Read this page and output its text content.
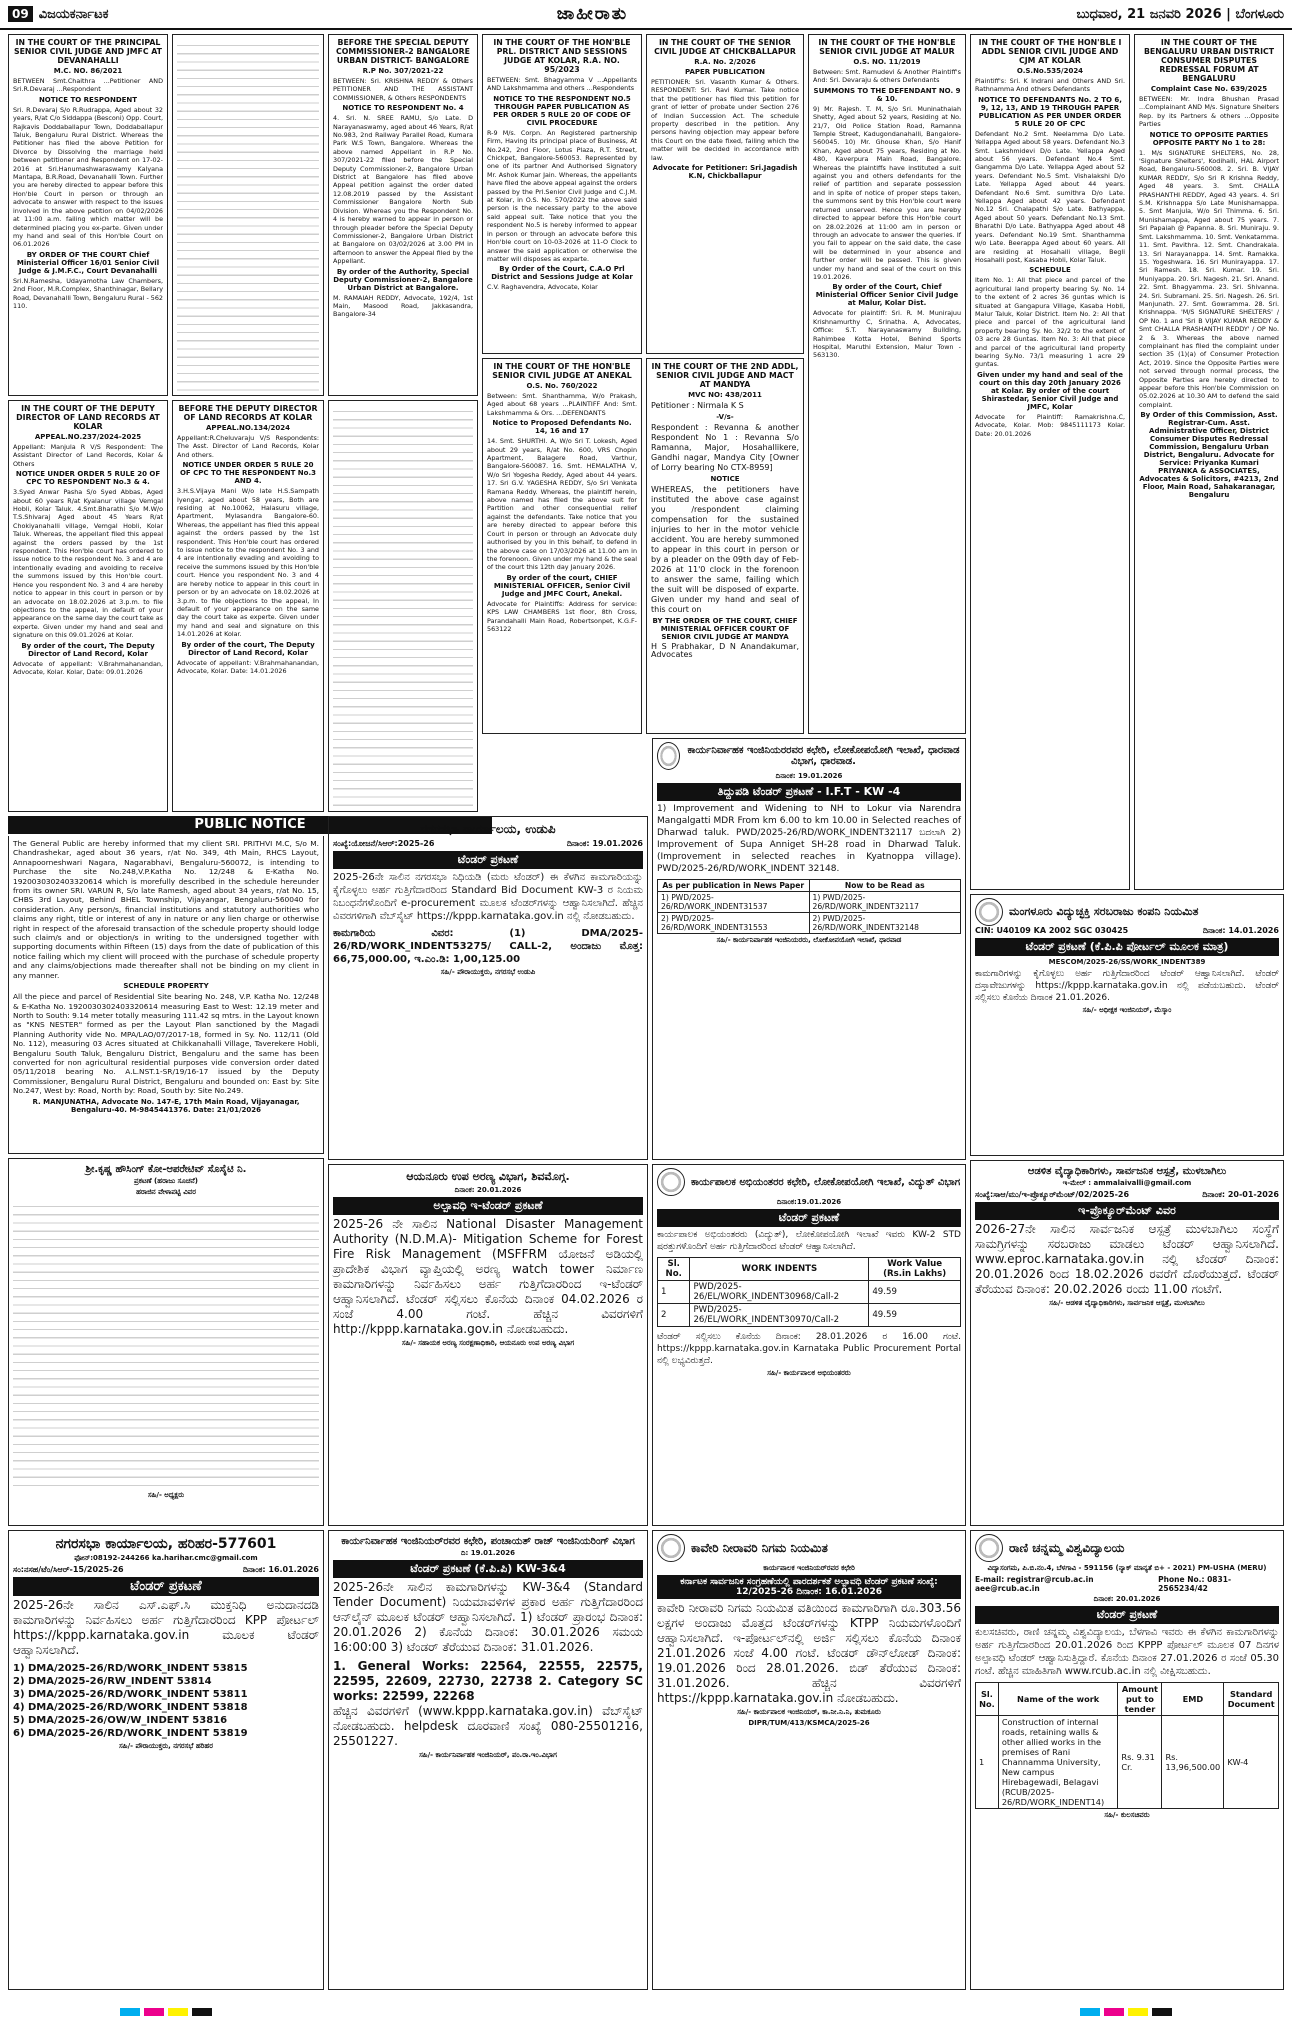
09 ವಿಜಯಕರ್ನಾಟಕ	ಜಾಹೀರಾತು	ಬುಧವಾರ, 21 ಜನವರಿ 2026 | ಬೆಂಗಳೂರು
IN THE COURT OF THE PRINCIPAL SENIOR CIVIL JUDGE AND JMFC AT DEVANAHALLI
M.C. NO. 86/2021
BETWEEN Smt.Chaithra ...Petitioner AND Sri.R.Devaraj ...Respondent
NOTICE TO RESPONDENT
Sri. R.Devaraj S/o R.Rudrappa, Aged about 32 years, R/at C/o Siddappa (Besconi) Opp. Court, Rajkavis Doddaballapur Town, Doddaballapur Taluk, Bengaluru Rural District. Whereas the Petitioner has filed the above Petition for Divorce by Dissolving the marriage held between petitioner and Respondent on 17-02-2016 at Sri.Hanumashwaraswamy Kalyana Mantapa, B.R.Road, Devanahalli Town. Further you are hereby directed to appear before this Hon'ble Court in person or through an advocate to answer with respect to the issues involved in the above petition on 04/02/2026 at 11:00 a.m. failing which matter will be determined placing you ex-parte. Given under my hand and seal of this Hon'ble Court on 06.01.2026
BY ORDER OF THE COURT Chief Ministerial Officer 16/01 Senior Civil Judge & J.M.F.C., Court Devanahalli
Sri.N.Ramesha, Udayamotha Law Chambers, 2nd Floor, M.R.Complex, Shanthinagar, Bellary Road, Devanahalli Town, Bengaluru Rural - 562 110.
BEFORE THE SPECIAL DEPUTY COMMISSIONER-2 BANGALORE URBAN DISTRICT- BANGALORE
R.P No. 307/2021-22
BETWEEN: Sri. KRISHNA REDDY & Others PETITIONER AND THE ASSISTANT COMMISSIONER, & Others RESPONDENTS
NOTICE TO RESPONDENT No. 4
4. Sri. N. SREE RAMU, S/o Late. D Narayanaswamy, aged about 46 Years, R/at No.983, 2nd Railway Parallel Road, Kumara Park W.S Town, Bangalore. Whereas the above named Appellant in R.P No. 307/2021-22 filed before the Special Deputy Commissioner-2, Bangalore Urban District at Bangalore has filed above Appeal petition against the order dated 12.08.2019 passed by the Assistant Commissioner Bangalore North Sub Division. Whereas you the Respondent No. 4 is hereby warned to appear in person or through pleader before the Special Deputy Commissioner-2, Bangalore Urban District at Bangalore on 03/02/2026 at 3.00 PM in afternoon to answer the Appeal filed by the Appellant.
By order of the Authority, Special Deputy Commissioner-2, Bangalore Urban District at Bangalore.
M. RAMAIAH REDDY, Advocate, 192/4, 1st Main, Masood Road, Jakkasandra, Bangalore-34
IN THE COURT OF THE HON'BLE PRL. DISTRICT AND SESSIONS JUDGE AT KOLAR, R.A. NO. 95/2023
BETWEEN: Smt. Bhagyamma V ...Appellants AND Lakshmamma and others ...Respondents
NOTICE TO THE RESPONDENT NO.5 THROUGH PAPER PUBLICATION AS PER ORDER 5 RULE 20 OF CODE OF CIVIL PROCEDURE
R-9 M/s. Corpn. An Registered partnership Firm, Having its principal place of Business, At No.242, 2nd Floor, Lotus Plaza, R.T. Street, Chickpet, Bangalore-560053. Represented by one of its partner And Authorised Signatory Mr. Ashok Kumar Jain. Whereas, the appellants have filed the above appeal against the orders passed by the Prl.Senior Civil Judge and C.J.M. at Kolar, in O.S. No. 570/2022 the above said person is the necessary party to the above said appeal suit. Take notice that you the respondent No.5 is hereby informed to appear in person or through an advocate before this Hon'ble court on 10-03-2026 at 11-O Clock to answer the said application or otherwise the matter will disposes as exparte.
By Order of the Court, C.A.O Prl District and Sessions Judge at Kolar
C.V. Raghavendra, Advocate, Kolar
IN THE COURT OF THE SENIOR CIVIL JUDGE AT CHICKBALLAPUR
R.A. No. 2/2026
PAPER PUBLICATION
PETITIONER: Sri. Vasanth Kumar & Others. RESPONDENT: Sri. Ravi Kumar. Take notice that the petitioner has filed this petition for grant of letter of probate under Section 276 of Indian Succession Act. The schedule property described in the petition. Any persons having objection may appear before this Court on the date fixed, failing which the matter will be decided in accordance with law.
Advocate for Petitioner: Sri.Jagadish K.N, Chickballapur
IN THE COURT OF THE HON'BLE SENIOR CIVIL JUDGE AT MALUR
O.S. NO. 11/2019
Between: Smt. Ramudevi & Another Plaintiff's And: Sri. Devaraju & others Defendants
SUMMONS TO THE DEFENDANT NO. 9 & 10.
9) Mr. Rajesh. T. M, S/o Sri. Muninathaiah Shetty, Aged about 52 years, Residing at No. 21/7, Old Police Station Road, Ramanna Temple Street, Kadugondanahalli, Bangalore-560045. 10) Mr. Ghouse Khan, S/o Hanif Khan, Aged about 75 years, Residing at No. 480, Kaverpura Main Road, Bangalore. Whereas the plaintiffs have instituted a suit against you and others defendants for the relief of partition and separate possession and in spite of notice of proper steps taken, the summons sent by this Hon'ble court were returned unserved. Hence you are hereby directed to appear before this Hon'ble court on 28.02.2026 at 11:00 am in person or through an advocate to answer the queries. If you fail to appear on the said date, the case will be determined in your absence and further order will be passed. This is given under my hand and seal of the court on this 19.01.2026.
By order of the Court, Chief Ministerial Officer Senior Civil Judge at Malur, Kolar Dist.
Advocate for plaintiff: Sri. R. M. Munirajuu Krishnamurthy C, Srinatha. A, Advocates, Office: S.T. Narayanaswamy Building, Rahimbee Kotta Hotel, Behind Sports Hospital, Maruthi Extension, Malur Town - 563130.
IN THE COURT OF THE HON'BLE I ADDL SENIOR CIVIL JUDGE AND CJM AT KOLAR
O.S.No.535/2024
Plaintiff's: Sri. K Indrani and Others AND Sri. Rathnamma And others Defendants
NOTICE TO DEFENDANTS No. 2 TO 6, 9, 12, 13, AND 19 THROUGH PAPER PUBLICATION AS PER UNDER ORDER 5 RULE 20 OF CPC
Defendant No.2 Smt. Neelamma D/o Late. Yellappa Aged about 58 years. Defendant No.3 Smt. Lakshmidevi D/o Late. Yellappa Aged about 56 years. Defendant No.4 Smt. Gangamma D/o Late. Yellappa Aged about 52 years. Defendant No.5 Smt. Vishalakshi D/o Late. Yellappa Aged about 44 years. Defendant No.6 Smt. sumithra D/o Late. Yellappa Aged about 42 years. Defendant No.12 Sri. Chalapathi S/o Late. Bathyappa, Aged about 50 years. Defendant No.13 Smt. Bharathi D/o Late. Bathyappa Aged about 48 years. Defendant No.19 Smt. Shanthamma w/o Late. Beerappa Aged about 60 years. All are residing at Hosahalli village, Begli Hosahalli post, Kasaba Hobli, Kolar Taluk.
SCHEDULE
Item No. 1: All that piece and parcel of the agricultural land property bearing Sy. No. 14 to the extent of 2 acres 36 guntas which is situated at Gangapura Village, Kasaba Hobli, Malur Taluk, Kolar District. Item No. 2: All that piece and parcel of the agricultural land property bearing Sy. No. 32/2 to the extent of 03 acre 28 Guntas. Item No. 3: All that piece and parcel of the agricultural land property bearing Sy.No. 73/1 measuring 1 acre 29 guntas.
Given under my hand and seal of the court on this day 20th January 2026 at Kolar. By order of the court Shirastedar, Senior Civil Judge and JMFC, Kolar
Advocate for Plaintiff: Ramakrishna.C, Advocate, Kolar. Mob: 9845111173 Kolar. Date: 20.01.2026
IN THE COURT OF THE BENGALURU URBAN DISTRICT CONSUMER DISPUTES REDRESSAL FORUM AT BENGALURU
Complaint Case No. 639/2025
BETWEEN: Mr. Indra Bhushan Prasad ...Complainant AND M/s. Signature Shelters Rep. by its Partners & others ...Opposite Parties
NOTICE TO OPPOSITE PARTIES OPPOSITE PARTY No 1 to 28:
1. M/s SIGNATURE SHELTERS, No. 28, 'Signature Shelters', Kodihalli, HAL Airport Road, Bengaluru-560008. 2. Sri. B. VIJAY KUMAR REDDY, S/o Sri R Krishna Reddy, Aged 48 years. 3. Smt. CHALLA PRASHANTHI REDDY, Aged 43 years. 4. Sri S.M. Krishnappa S/o Late Munishamappa. 5. Smt Manjula, W/o Sri Thimma. 6. Sri. Munishamappa, Aged about 75 years. 7. Sri Papaiah @ Papanna. 8. Sri. Muniraju. 9. Smt. Lakshmamma. 10. Smt. Venkatamma. 11. Smt. Pavithra. 12. Smt. Chandrakala. 13. Sri Narayanappa. 14. Smt. Ramakka. 15. Yogeshwara. 16. Sri Munirayappa. 17. Sri Ramesh. 18. Sri. Kumar. 19. Sri. Muniyappa. 20. Sri. Nagesh. 21. Sri. Anand. 22. Smt. Bhagyamma. 23. Sri. Shivanna. 24. Sri. Subramani. 25. Sri. Nagesh. 26. Sri. Manjunath. 27. Smt. Gowramma. 28. Sri. Krishnappa. 'M/S SIGNATURE SHELTERS' / OP No. 1 and 'Sri B VIJAY KUMAR REDDY & Smt CHALLA PRASHANTHI REDDY' / OP No. 2 & 3. Whereas the above named complainant has filed the complaint under section 35 (1)(a) of Consumer Protection Act, 2019. Since the Opposite Parties were not served through normal process, the Opposite Parties are hereby directed to appear before this Hon'ble Commission on 05.02.2026 at 10.30 AM to defend the said complaint.
By Order of this Commission, Asst. Registrar-Cum. Asst. Administrative Officer, District Consumer Disputes Redressal Commission, Bengaluru Urban District, Bengaluru. Advocate for Service: Priyanka Kumari PRIYANKA & ASSOCIATES, Advocates & Solicitors, #4213, 2nd Floor, Main Road, Sahakaranagar, Bengaluru
IN THE COURT OF THE DEPUTY DIRECTOR OF LAND RECORDS AT KOLAR
APPEAL.NO.237/2024-2025
Appellant: Manjula R V/S Respondent: The Assistant Director of Land Records, Kolar & Others
NOTICE UNDER ORDER 5 RULE 20 OF CPC TO RESPONDENT No.3 & 4.
3.Syed Anwar Pasha S/o Syed Abbas, Aged about 60 years R/at Kyalanur village Vemgal Hobli, Kolar Taluk. 4.Smt.Bharathi S/o M.W/o T.S.Shivaraj Aged about 45 Years R/at Chokiyanahalli village, Vemgal Hobli, Kolar Taluk. Whereas, the appellant filed this appeal against the orders passed by the 1st respondent. This Hon'ble court has ordered to issue notice to the respondent No. 3 and 4 are intentionally evading and avoiding to receive the summons issued by this Hon'ble court. Hence you respondent No. 3 and 4 are hereby notice to appear in this court in person or by an advocate on 18.02.2026 at 3.p.m. to file objections to the appeal, in default of your appearance on the same day the court take as experte. Given under my hand and seal and signature on this 09.01.2026 at Kolar.
By order of the court, The Deputy Director of Land Record, Kolar
Advocate of appellant: V.Brahmahanandan, Advocate, Kolar. Kolar, Date: 09.01.2026
BEFORE THE DEPUTY DIRECTOR OF LAND RECORDS AT KOLAR
APPEAL.NO.134/2024
Appellant:R.Cheluvaraju V/S Respondents: The Asst. Director of Land Records, Kolar And others.
NOTICE UNDER ORDER 5 RULE 20 OF CPC TO THE RESPONDENT No.3 AND 4.
3.H.S.Vijaya Mani W/o late H.S.Sampath Iyengar, aged about 58 years, Both are residing at No.10062, Halasuru village, Apartment, Mylasandra Bangalore-60. Whereas, the appellant has filed this appeal against the orders passed by the 1st respondent. This Hon'ble court has ordered to issue notice to the respondent No. 3 and 4 are intentionally evading and avoiding to receive the summons issued by this Hon'ble court. Hence you respondent No. 3 and 4 are hereby notice to appear in this court in person or by an advocate on 18.02.2026 at 3.p.m. to file objections to the appeal, In default of your appearance on the same day the court take as experte. Given under my hand and seal and signature on this 14.01.2026 at Kolar.
By order of the court, The Deputy Director of Land Record, Kolar
Advocate of appellant: V.Brahmahanandan, Advocate, Kolar. Date: 14.01.2026
IN THE COURT OF THE HON'BLE SENIOR CIVIL JUDGE AT ANEKAL
O.S. No. 760/2022
Between: Smt. Shanthamma, W/o Prakash, Aged about 68 years ...PLAINTIFF And: Smt. Lakshmamma & Ors. ...DEFENDANTS
Notice to Proposed Defendants No. 14, 16 and 17
14. Smt. SHURTHI. A, W/o Sri T. Lokesh, Aged about 29 years, R/at No. 600, VRS Chopin Apartment, Balagere Road, Varthur, Bangalore-560087. 16. Smt. HEMALATHA V, W/o Sri Yogesha Reddy, Aged about 44 years. 17. Sri G.V. YAGESHA REDDY, S/o Sri Venkata Ramana Reddy. Whereas, the plaintiff herein, above named has filed the above suit for Partition and other consequential relief against the defendants. Take notice that you are hereby directed to appear before this Court in person or through an Advocate duly authorised by you in this behalf, to defend in the above case on 17/03/2026 at 11.00 am in the forenoon. Given under my hand & the seal of the court this 12th day January 2026.
By order of the court, CHIEF MINISTERIAL OFFICER, Senior Civil Judge and JMFC Court, Anekal.
Advocate for Plaintiffs: Address for service: KPS LAW CHAMBERS 1st floor, 8th Cross, Parandahalli Main Road, Robertsonpet, K.G.F-563122
IN THE COURT OF THE 2ND ADDL, SENIOR CIVIL JUDGE AND MACT AT MANDYA
MVC NO: 438/2011
Petitioner : Nirmala K S
-V/s-
Respondent : Revanna & another Respondent No 1 : Revanna S/o Ramanna, Major, Hosahallikere, Gandhi nagar, Mandya City [Owner of Lorry bearing No CTX-8959]
NOTICE
WHEREAS, the petitioners have instituted the above case against you /respondent claiming compensation for the sustained injuries to her in the motor vehicle accident. You are hereby summoned to appear in this court in person or by a pleader on the 09th day of Feb-2026 at 11'0 clock in the forenoon to answer the same, failing which the suit will be disposed of exparte. Given under my hand and seal of this court on
BY THE ORDER OF THE COURT, CHIEF MINISTERIAL OFFICER COURT OF SENIOR CIVIL JUDGE AT MANDYA
H S Prabhakar, D N Anandakumar, Advocates
PUBLIC NOTICE
The General Public are hereby informed that my client SRI. PRITHVI M.C, S/o M. Chandrashekar, aged about 36 years, r/at No. 349, 4th Main, RHCS Layout, Annapoorneshwari Nagara, Nagarabhavi, Bengaluru-560072, is intending to Purchase the site No.248,V.P.Katha No. 12/248 & E-Katha No. 1920030302403320614 which is morefully described in the schedule hereunder from its owner SRI. VARUN R, S/o late Ramesh, aged about 34 years, r/at No. 15, CHBS 3rd Layout, Behind BHEL Township, Vijayangar, Bengaluru-560040 for consideration. Any person/s, financial institutions and statutory authorities who claims any right, title or interest of any in nature or any lien charge or otherwise right in respect of the aforesaid transaction of the schedule property should lodge such claim/s and or objection/s in writing to the undersigned together with supporting documents within Fifteen (15) days from the date of publication of this notice failing which my client will proceed with the purchase of schedule property and any claims/objections made thereafter shall not be binding on my client in any manner.
SCHEDULE PROPERTY
All the piece and parcel of Residential Site bearing No. 248, V.P. Katha No. 12/248 & E-Katha No. 1920030302403320614 measuring East to West: 12.19 meter and North to South: 9.14 meter totally measuring 111.42 sq mtrs. in the Layout known as "KNS NESTER" formed as per the Layout Plan sanctioned by the Magadi Planning Authority vide No. MPA/LAO/07/2017-18, formed in Sy. No. 112/11 (Old No. 112), measuring 03 Acres situated at Chikkanahalli Village, Taverekere Hobli, Bengaluru South Taluk, Bengaluru District, Bengaluru and the same has been converted for non agricultural residential purposes vide conversion order dated 05/11/2018 bearing No. A.L.NST.1-SR/19/16-17 issued by the Deputy Commissioner, Bengaluru Rural District, Bengaluru and bounded on: East by: Site No.247, West by: Road, North by: Road, South by: Site No.249.
R. MANJUNATHA, Advocate No. 147-E, 17th Main Road, Vijayanagar, Bengaluru-40. M-9845441376. Date: 21/01/2026
ನಗರಸಭಾ ಕಾರ್ಯಾಲಯ, ಉಡುಪಿ
ಸಂಖ್ಯೆ:ಯೋಜನೆ/ಸಿಆರ್:2025-26	ದಿನಾಂಕ: 19.01.2026
ಟೆಂಡರ್ ಪ್ರಕಟಣೆ
2025-26ನೇ ಸಾಲಿನ ನಗರಸಭಾ ನಿಧಿಯಡಿ (ಮರು ಟೆಂಡರ್) ಈ ಕೆಳಗಿನ ಕಾಮಗಾರಿಯನ್ನು ಕೈಗೊಳ್ಳಲು ಅರ್ಹ ಗುತ್ತಿಗೆದಾರರಿಂದ Standard Bid Document KW-3 ರ ನಿಯಮ ನಿಬಂಧನೆಗಳೊಂದಿಗೆ e-procurement ಮೂಲಕ ಟೆಂಡರ್‌ಗಳನ್ನು ಆಹ್ವಾನಿಸಲಾಗಿದೆ. ಹೆಚ್ಚಿನ ವಿವರಗಳಿಗಾಗಿ ವೆಬ್‌ಸೈಟ್ https://kppp.karnataka.gov.in ನಲ್ಲಿ ನೋಡಬಹುದು.
ಕಾಮಗಾರಿಯ ವಿವರ: (1) DMA/2025-26/RD/WORK_INDENT53275/ CALL-2, ಅಂದಾಜು ಮೊತ್ತ: 66,75,000.00, ಇ.ಎಂ.ಡಿ: 1,00,125.00
ಸಹಿ/- ಪೌರಾಯುಕ್ತರು, ನಗರಸಭೆ ಉಡುಪಿ
ಕಾರ್ಯನಿರ್ವಾಹಕ ಇಂಜಿನಿಯರರವರ ಕಛೇರಿ, ಲೋಕೋಪಯೋಗಿ ಇಲಾಖೆ, ಧಾರವಾಡ ವಿಭಾಗ, ಧಾರವಾಡ.
ದಿನಾಂಕ: 19.01.2026
ತಿದ್ದುಪಡಿ ಟೆಂಡರ್ ಪ್ರಕಟಣೆ - I.F.T - KW -4
1) Improvement and Widening to NH to Lokur via Narendra Mangalgatti MDR From km 6.00 to km 10.00 in Selected reaches of Dharwad taluk. PWD/2025-26/RD/WORK_INDENT32117 ಬದಲಾಗಿ 2) Improvement of Supa Anniget SH-28 road in Dharwad Taluk. (Improvement in selected reaches in Kyatnoppa village). PWD/2025-26/RD/WORK_INDENT 32148.
As per publication in News Paper	Now to be Read as
1) PWD/2025-26/RD/WORK_INDENT31537	1) PWD/2025-26/RD/WORK_INDENT32117
2) PWD/2025-26/RD/WORK_INDENT31553	2) PWD/2025-26/RD/WORK_INDENT32148
ಸಹಿ/- ಕಾರ್ಯನಿರ್ವಾಹಕ ಇಂಜಿನಿಯರರು, ಲೋಕೋಪಯೋಗಿ ಇಲಾಖೆ, ಧಾರವಾಡ
ಮಂಗಳೂರು ವಿದ್ಯುಚ್ಛಕ್ತಿ ಸರಬರಾಜು ಕಂಪನಿ ನಿಯಮಿತ
CIN: U40109 KA 2002 SGC 030425	ದಿನಾಂಕ: 14.01.2026
ಟೆಂಡರ್ ಪ್ರಕಟಣೆ (ಕೆ.ಪಿ.ಪಿ ಪೋರ್ಟಲ್ ಮೂಲಕ ಮಾತ್ರ)
MESCOM/2025-26/SS/WORK_INDENT389
ಕಾಮಗಾರಿಗಳನ್ನು ಕೈಗೊಳ್ಳಲು ಅರ್ಹ ಗುತ್ತಿಗೆದಾರರಿಂದ ಟೆಂಡರ್ ಆಹ್ವಾನಿಸಲಾಗಿದೆ. ಟೆಂಡರ್ ದಸ್ತಾವೇಜುಗಳನ್ನು https://kppp.karnataka.gov.in ನಲ್ಲಿ ಪಡೆಯಬಹುದು. ಟೆಂಡರ್ ಸಲ್ಲಿಸಲು ಕೊನೆಯ ದಿನಾಂಕ 21.01.2026.
ಸಹಿ/- ಅಧೀಕ್ಷಕ ಇಂಜಿನಿಯರ್, ಮೆಸ್ಕಾಂ
ಶ್ರೀ.ಕೃಷ್ಣ ಹೌಸಿಂಗ್ ಕೋ-ಆಪರೇಟಿವ್ ಸೊಸೈಟಿ ನಿ.
ಪ್ರಕಟಣೆ (ಹರಾಜು ಸೂಚನೆ)
ಹರಾಜಿನ ವೇಳಾಪಟ್ಟಿ ವಿವರ
ಸಹಿ/- ಅಧ್ಯಕ್ಷರು
ಆಯನೂರು ಉಪ ಅರಣ್ಯ ವಿಭಾಗ, ಶಿವಮೊಗ್ಗ.
ದಿನಾಂಕ: 20.01.2026
ಅಲ್ಪಾವಧಿ ಇ-ಟೆಂಡರ್ ಪ್ರಕಟಣೆ
2025-26 ನೇ ಸಾಲಿನ National Disaster Management Authority (N.D.M.A)- Mitigation Scheme for Forest Fire Risk Management (MSFFRM ಯೋಜನೆ ಅಡಿಯಲ್ಲಿ ಪ್ರಾದೇಶಿಕ ವಿಭಾಗ ವ್ಯಾಪ್ತಿಯಲ್ಲಿ ಅರಣ್ಯ watch tower ನಿರ್ಮಾಣ ಕಾಮಗಾರಿಗಳನ್ನು ನಿರ್ವಹಿಸಲು ಅರ್ಹ ಗುತ್ತಿಗೆದಾರರಿಂದ ಇ-ಟೆಂಡರ್ ಆಹ್ವಾನಿಸಲಾಗಿದೆ. ಟೆಂಡರ್ ಸಲ್ಲಿಸಲು ಕೊನೆಯ ದಿನಾಂಕ 04.02.2026 ರ ಸಂಜೆ 4.00 ಗಂಟೆ. ಹೆಚ್ಚಿನ ವಿವರಗಳಿಗೆ http://kppp.karnataka.gov.in ನೋಡಬಹುದು.
ಸಹಿ/- ಸಹಾಯಕ ಅರಣ್ಯ ಸಂರಕ್ಷಣಾಧಿಕಾರಿ, ಆಯನೂರು ಉಪ ಅರಣ್ಯ ವಿಭಾಗ
ಕಾರ್ಯಪಾಲಕ ಅಭಿಯಂತರರ ಕಛೇರಿ, ಲೋಕೋಪಯೋಗಿ ಇಲಾಖೆ, ವಿದ್ಯುತ್ ವಿಭಾಗ
ದಿನಾಂಕ:19.01.2026
ಟೆಂಡರ್ ಪ್ರಕಟಣೆ
ಕಾರ್ಯಪಾಲಕ ಅಭಿಯಂತರರು (ವಿದ್ಯುತ್), ಲೋಕೋಪಯೋಗಿ ಇಲಾಖೆ ಇವರು KW-2 STD ಷರತ್ತುಗಳೊಂದಿಗೆ ಅರ್ಹ ಗುತ್ತಿಗೆದಾರರಿಂದ ಟೆಂಡರ್ ಆಹ್ವಾನಿಸಲಾಗಿದೆ.
Sl. No.	WORK INDENTS	Work Value (Rs.in Lakhs)
1	PWD/2025-26/EL/WORK_INDENT30968/Call-2	49.59
2	PWD/2025-26/EL/WORK_INDENT30970/Call-2	49.59
ಟೆಂಡರ್ ಸಲ್ಲಿಸಲು ಕೊನೆಯ ದಿನಾಂಕ: 28.01.2026 ರ 16.00 ಗಂಟೆ. https://kppp.karnataka.gov.in Karnataka Public Procurement Portal ನಲ್ಲಿ ಲಭ್ಯವಿರುತ್ತದೆ.
ಸಹಿ/- ಕಾರ್ಯಪಾಲಕ ಅಭಿಯಂತರರು
ಆಡಳಿತ ವೈದ್ಯಾಧಿಕಾರಿಗಳು, ಸಾರ್ವಜನಿಕ ಆಸ್ಪತ್ರೆ, ಮುಳಬಾಗಿಲು
ಇ-ಮೇಲ್ : ammalaivalli@gmail.com
ಸಂಖ್ಯೆ:ಸಾಆ/ಮು/ಇ-ಪ್ರೊಕ್ಯೂರ್‌ಮೆಂಟ್/02/2025-26	ದಿನಾಂಕ: 20-01-2026
ಇ-ಪ್ರೊಕ್ಯೂರ್‌ಮೆಂಟ್ ವಿವರ
2026-27ನೇ ಸಾಲಿನ ಸಾರ್ವಜನಿಕ ಆಸ್ಪತ್ರೆ ಮುಳಬಾಗಿಲು ಸಂಸ್ಥೆಗೆ ಸಾಮಗ್ರಿಗಳನ್ನು ಸರಬರಾಜು ಮಾಡಲು ಟೆಂಡರ್ ಆಹ್ವಾನಿಸಲಾಗಿದೆ. www.eproc.karnataka.gov.in ನಲ್ಲಿ ಟೆಂಡರ್ ದಿನಾಂಕ: 20.01.2026 ರಿಂದ 18.02.2026 ರವರೆಗೆ ದೊರೆಯುತ್ತದೆ. ಟೆಂಡರ್ ತೆರೆಯುವ ದಿನಾಂಕ: 20.02.2026 ರಂದು 11.00 ಗಂಟೆಗೆ.
ಸಹಿ/- ಆಡಳಿತ ವೈದ್ಯಾಧಿಕಾರಿಗಳು, ಸಾರ್ವಜನಿಕ ಆಸ್ಪತ್ರೆ, ಮುಳಬಾಗಿಲು
ನಗರಸಭಾ ಕಾರ್ಯಾಲಯ, ಹರಿಹರ-577601
ಫೋನ್:08192-244266 ka.harihar.cmc@gmail.com
ಸಂ:ನಸಹ/ಟೆಂ/ಸಿಆರ್-15/2025-26	ದಿನಾಂಕ: 16.01.2026
ಟೆಂಡರ್ ಪ್ರಕಟಣೆ
2025-26ನೇ ಸಾಲಿನ ಎಸ್.ಎಫ್.ಸಿ ಮುಕ್ತನಿಧಿ ಅನುದಾನದಡಿ ಕಾಮಗಾರಿಗಳನ್ನು ನಿರ್ವಹಿಸಲು ಅರ್ಹ ಗುತ್ತಿಗೆದಾರರಿಂದ KPP ಪೋರ್ಟಲ್ https://kppp.karnataka.gov.in ಮೂಲಕ ಟೆಂಡರ್ ಆಹ್ವಾನಿಸಲಾಗಿದೆ.
1) DMA/2025-26/RD/WORK_INDENT 53815
2) DMA/2025-26/RW_INDENT 53814
3) DMA/2025-26/RD/WORK_INDENT 53811
4) DMA/2025-26/RD/WORK_INDENT 53818
5) DMA/2025-26/OW/W_INDENT 53816
6) DMA/2025-26/RD/WORK_INDENT 53819
ಸಹಿ/- ಪೌರಾಯುಕ್ತರು, ನಗರಸಭೆ ಹರಿಹರ
ಕಾರ್ಯನಿರ್ವಾಹಕ ಇಂಜಿನಿಯರ್‌ರವರ ಕಛೇರಿ, ಪಂಚಾಯತ್ ರಾಜ್ ಇಂಜಿನಿಯರಿಂಗ್ ವಿಭಾಗ
ದಿ: 19.01.2026
ಟೆಂಡರ್ ಪ್ರಕಟಣೆ (ಕೆ.ಪಿ.ಪಿ) KW-3&4
2025-26ನೇ ಸಾಲಿನ ಕಾಮಗಾರಿಗಳನ್ನು KW-3&4 (Standard Tender Document) ನಿಯಮಾವಳಿಗಳ ಪ್ರಕಾರ ಅರ್ಹ ಗುತ್ತಿಗೆದಾರರಿಂದ ಆನ್‌ಲೈನ್ ಮೂಲಕ ಟೆಂಡರ್ ಆಹ್ವಾನಿಸಲಾಗಿದೆ. 1) ಟೆಂಡರ್ ಪ್ರಾರಂಭ ದಿನಾಂಕ: 20.01.2026 2) ಕೊನೆಯ ದಿನಾಂಕ: 30.01.2026 ಸಮಯ 16:00:00 3) ಟೆಂಡರ್ ತೆರೆಯುವ ದಿನಾಂಕ: 31.01.2026.
1. General Works: 22564, 22555, 22575, 22595, 22609, 22730, 22738 2. Category SC works: 22599, 22268
ಹೆಚ್ಚಿನ ವಿವರಗಳಿಗೆ (www.kppp.karnataka.gov.in) ವೆಬ್‌ಸೈಟ್ ನೋಡಬಹುದು. helpdesk ದೂರವಾಣಿ ಸಂಖ್ಯೆ 080-25501216, 25501227.
ಸಹಿ/- ಕಾರ್ಯನಿರ್ವಾಹಕ ಇಂಜಿನಿಯರ್, ಪಂ.ರಾ.ಇಂ.ವಿಭಾಗ
ಕಾವೇರಿ ನೀರಾವರಿ ನಿಗಮ ನಿಯಮಿತ
ಕಾರ್ಯಪಾಲಕ ಇಂಜಿನಿಯರ್‌ರವರ ಕಛೇರಿ
ಕರ್ನಾಟಕ ಸಾರ್ವಜನಿಕ ಸಂಗ್ರಹಣೆಯಲ್ಲಿ ಪಾರದರ್ಶಕತೆ ಅಲ್ಪಾವಧಿ ಟೆಂಡರ್ ಪ್ರಕಟಣೆ ಸಂಖ್ಯೆ: 12/2025-26 ದಿನಾಂಕ: 16.01.2026
ಕಾವೇರಿ ನೀರಾವರಿ ನಿಗಮ ನಿಯಮಿತ ವತಿಯಿಂದ ಕಾಮಗಾರಿಗಾಗಿ ರೂ.303.56 ಲಕ್ಷಗಳ ಅಂದಾಜು ಮೊತ್ತದ ಟೆಂಡರ್‌ಗಳನ್ನು KTPP ನಿಯಮಗಳೊಂದಿಗೆ ಆಹ್ವಾನಿಸಲಾಗಿದೆ. ಇ-ಪೋರ್ಟಲ್‌ನಲ್ಲಿ ಅರ್ಜಿ ಸಲ್ಲಿಸಲು ಕೊನೆಯ ದಿನಾಂಕ 21.01.2026 ಸಂಜೆ 4.00 ಗಂಟೆ. ಟೆಂಡರ್ ಡೌನ್‌ಲೋಡ್ ದಿನಾಂಕ: 19.01.2026 ರಿಂದ 28.01.2026. ಬಿಡ್ ತೆರೆಯುವ ದಿನಾಂಕ: 31.01.2026. ಹೆಚ್ಚಿನ ವಿವರಗಳಿಗೆ https://kppp.karnataka.gov.in ನೋಡಬಹುದು.
ಸಹಿ/- ಕಾರ್ಯಪಾಲಕ ಇಂಜಿನಿಯರ್, ಕಾ.ನೀ.ನಿ.ನಿ, ತುಮಕೂರು
DIPR/TUM/413/KSMCA/2025-26
ರಾಣಿ ಚನ್ನಮ್ಮ ವಿಶ್ವವಿದ್ಯಾಲಯ
ವಿದ್ಯಾಸಂಗಮ, ಪಿ.ಬಿ.ನಂ.4, ಬೆಳಗಾವಿ - 591156 (ನ್ಯಾಕ್ ಮಾನ್ಯತೆ ಬಿ+ - 2021) PM-USHA (MERU)
E-mail: registrar@rcub.ac.in aee@rcub.ac.in
Phone No.: 0831-2565234/42
ದಿನಾಂಕ: 20.01.2026
ಟೆಂಡರ್ ಪ್ರಕಟಣೆ
ಕುಲಸಚಿವರು, ರಾಣಿ ಚನ್ನಮ್ಮ ವಿಶ್ವವಿದ್ಯಾಲಯ, ಬೆಳಗಾವಿ ಇವರು ಈ ಕೆಳಗಿನ ಕಾಮಗಾರಿಗಳನ್ನು ಅರ್ಹ ಗುತ್ತಿಗೆದಾರರಿಂದ 20.01.2026 ರಿಂದ KPPP ಪೋರ್ಟಲ್ ಮೂಲಕ 07 ದಿನಗಳ ಅಲ್ಪಾವಧಿ ಟೆಂಡರ್ ಆಹ್ವಾನಿಸುತ್ತಿದ್ದಾರೆ. ಕೊನೆಯ ದಿನಾಂಕ 27.01.2026 ರ ಸಂಜೆ 05.30 ಗಂಟೆ. ಹೆಚ್ಚಿನ ಮಾಹಿತಿಗಾಗಿ www.rcub.ac.in ನಲ್ಲಿ ವೀಕ್ಷಿಸಬಹುದು.
Sl. No.	Name of the work	Amount put to tender	EMD	Standard Document
1	Construction of internal roads, retaining walls & other allied works in the premises of Rani Channamma University, New campus Hirebagewadi, Belagavi (RCUB/2025-26/RD/WORK_INDENT14)	Rs. 9.31 Cr.	Rs. 13,96,500.00	KW-4
ಸಹಿ/- ಕುಲಸಚಿವರು
